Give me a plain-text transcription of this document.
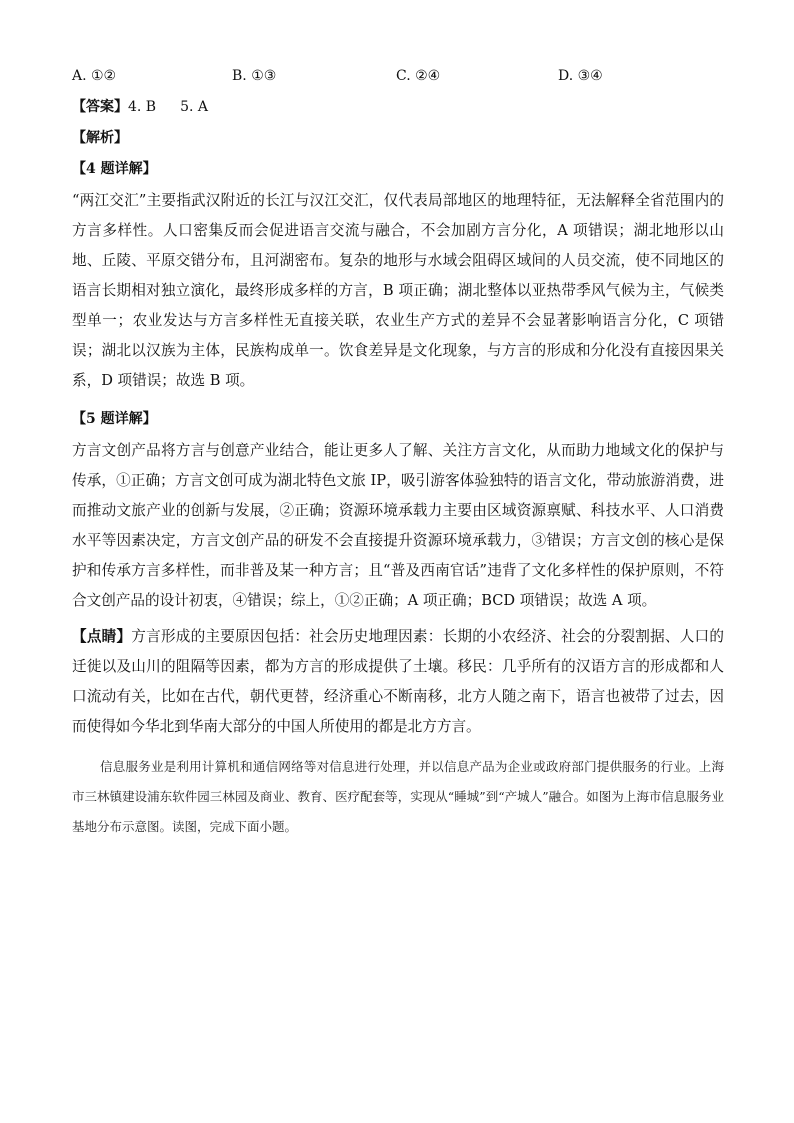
A. ①②	B. ①③	C. ②④	D. ③④
【答案】4. B 5. A
【解析】
【4 题详解】

“两江交汇”主要指武汉附近的长江与汉江交汇，仅代表局部地区的地理特征，无法解释全省范围内的方言多样性。人口密集反而会促进语言交流与融合，不会加剧方言分化，A 项错误；湖北地形以山地、丘陵、平原交错分布，且河湖密布。复杂的地形与水域会阻碍区域间的人员交流，使不同地区的语言长期相对独立演化，最终形成多样的方言，B 项正确；湖北整体以亚热带季风气候为主，气候类型单一；农业发达与方言多样性无直接关联，农业生产方式的差异不会显著影响语言分化，C 项错误；湖北以汉族为主体，民族构成单一。饮食差异是文化现象，与方言的形成和分化没有直接因果关系，D 项错误；故选 B 项。

【5 题详解】

方言文创产品将方言与创意产业结合，能让更多人了解、关注方言文化，从而助力地域文化的保护与传承，①正确；方言文创可成为湖北特色文旅 IP，吸引游客体验独特的语言文化，带动旅游消费，进而推动文旅产业的创新与发展，②正确；资源环境承载力主要由区域资源禀赋、科技水平、人口消费水平等因素决定，方言文创产品的研发不会直接提升资源环境承载力，③错误；方言文创的核心是保护和传承方言多样性，而非普及某一种方言；且“普及西南官话”违背了文化多样性的保护原则，不符合文创产品的设计初衷，④错误；综上，①②正确；A 项正确；BCD 项错误；故选 A 项。

【点睛】方言形成的主要原因包括：社会历史地理因素：长期的小农经济、社会的分裂割据、人口的迁徙以及山川的阻隔等因素，都为方言的形成提供了土壤。移民：几乎所有的汉语方言的形成都和人口流动有关，比如在古代，朝代更替，经济重心不断南移，北方人随之南下，语言也被带了过去，因而使得如今华北到华南大部分的中国人所使用的都是北方方言。

信息服务业是利用计算机和通信网络等对信息进行处理，并以信息产品为企业或政府部门提供服务的行业。上海市三林镇建设浦东软件园三林园及商业、教育、医疗配套等，实现从“睡城”到“产城人”融合。如图为上海市信息服务业基地分布示意图。读图，完成下面小题。
